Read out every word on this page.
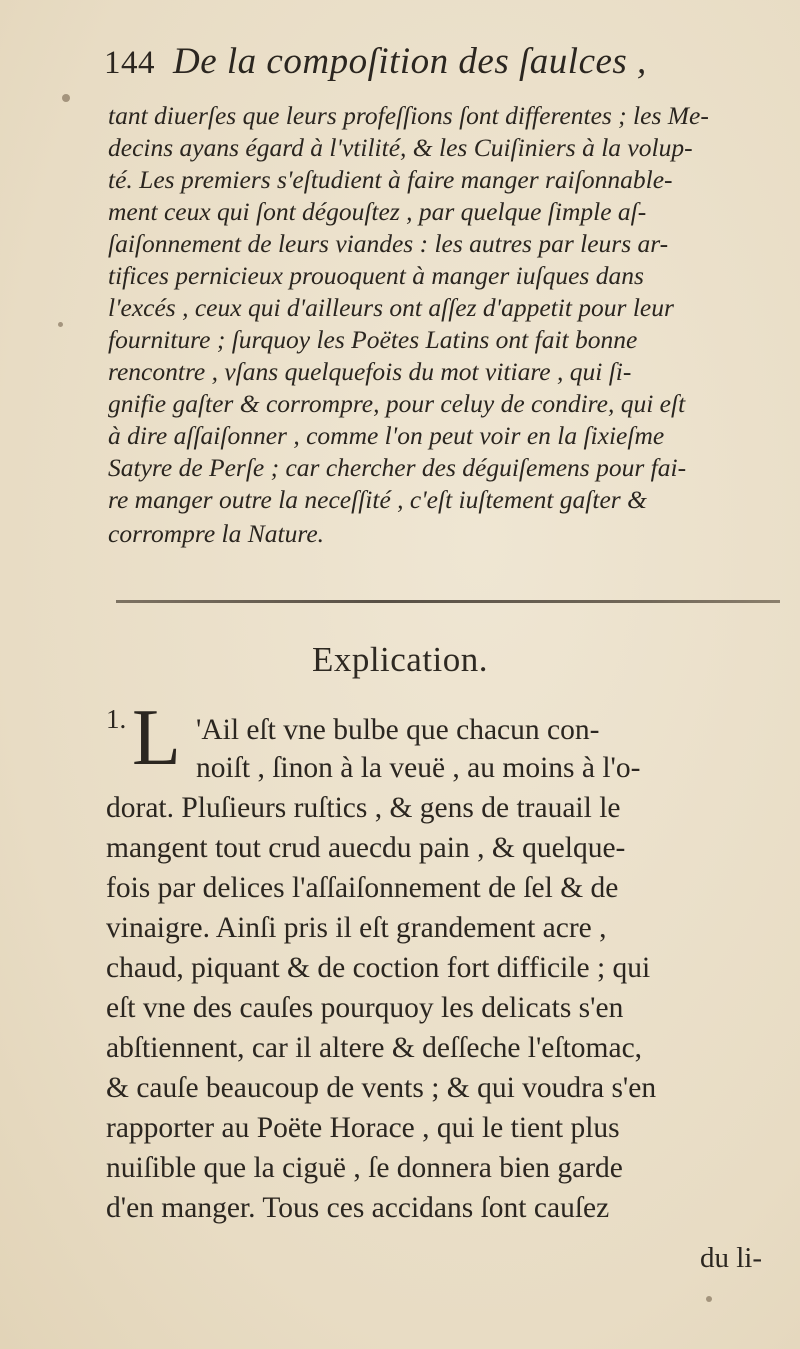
144 De la compoſition des ſaulces ,
tant diuerſes que leurs profeſſions ſont differentes ; les Me-
decins ayans égard à l'vtilité, & les Cuiſiniers à la volup-
té. Les premiers s'eſtudient à faire manger raiſonnable-
ment ceux qui ſont dégouſtez , par quelque ſimple aſ-
ſaiſonnement de leurs viandes : les autres par leurs ar-
tifices pernicieux prouoquent à manger iuſques dans
l'excés , ceux qui d'ailleurs ont aſſez d'appetit pour leur
fourniture ; ſurquoy les Poëtes Latins ont fait bonne
rencontre , vſans quelquefois du mot vitiare , qui ſi-
gnifie gaſter & corrompre, pour celuy de condire, qui eſt
à dire aſſaiſonner , comme l'on peut voir en la ſixieſme
Satyre de Perſe ; car chercher des déguiſemens pour fai-
re manger outre la neceſſité , c'eſt iuſtement gaſter &
corrompre la Nature.
Explication.
1. L 'Ail eſt vne bulbe que chacun con-
noiſt , ſinon à la veuë , au moins à l'o-
dorat. Pluſieurs ruſtics , & gens de trauail le
mangent tout crud auecdu pain , & quelque-
fois par delices l'aſſaiſonnement de ſel & de
vinaigre. Ainſi pris il eſt grandement acre ,
chaud, piquant & de coction fort difficile ; qui
eſt vne des cauſes pourquoy les delicats s'en
abſtiennent, car il altere & deſſeche l'eſtomac,
& cauſe beaucoup de vents ; & qui voudra s'en
rapporter au Poëte Horace , qui le tient plus
nuiſible que la ciguë , ſe donnera bien garde
d'en manger. Tous ces accidans ſont cauſez
du li-
